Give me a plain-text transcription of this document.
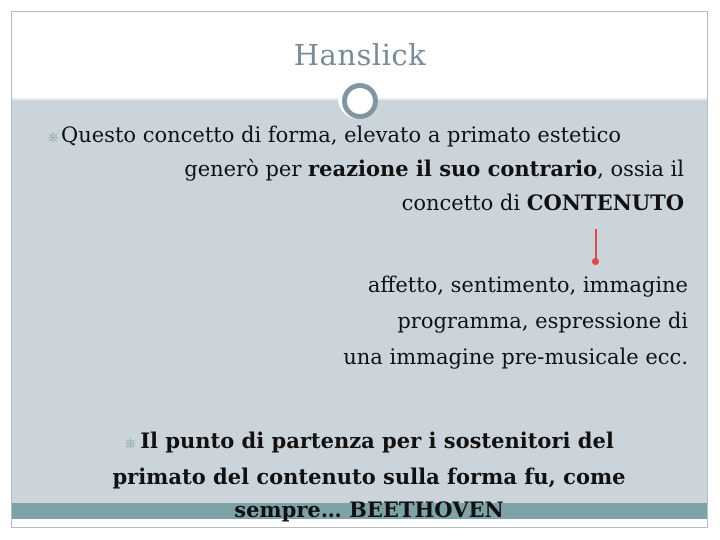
Hanslick
⎈Questo concetto di forma, elevato a primato estetico
generò per reazione il suo contrario, ossia il
concetto di CONTENUTO
affetto, sentimento, immagine
programma, espressione di
una immagine pre-musicale ecc.
⎈ Il punto di partenza per i sostenitori del
primato del contenuto sulla forma fu, come
sempre… BEETHOVEN
